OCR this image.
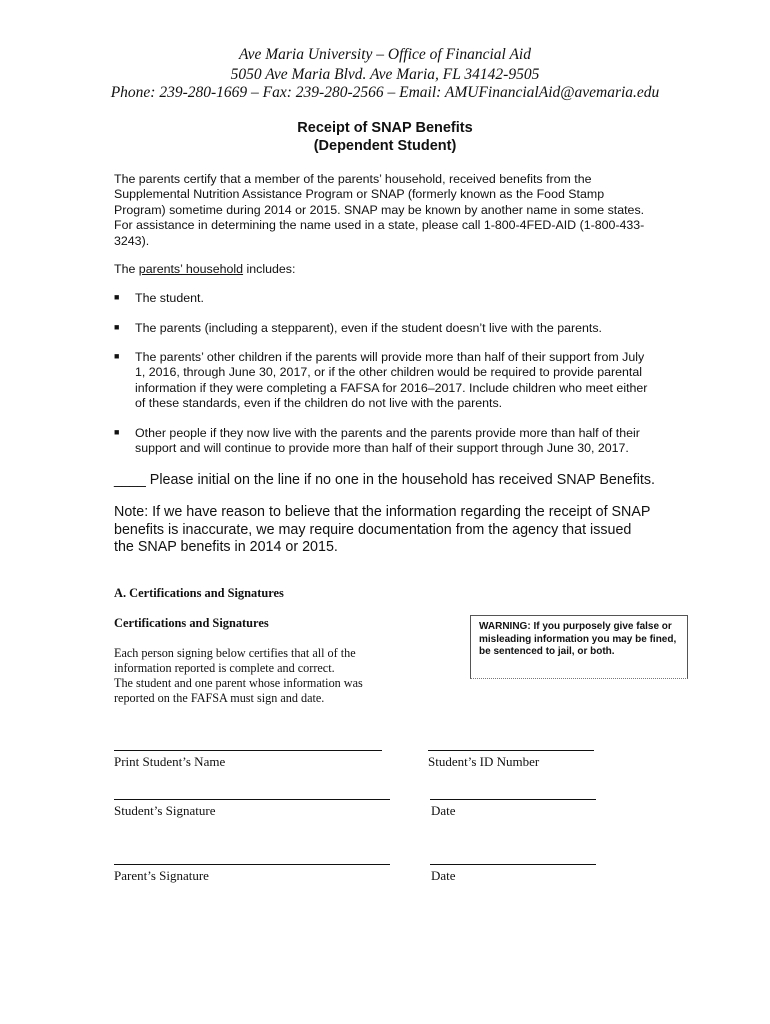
Ave Maria University – Office of Financial Aid
5050 Ave Maria Blvd. Ave Maria, FL 34142-9505
Phone: 239-280-1669 – Fax: 239-280-2566 – Email: AMUFinancialAid@avemaria.edu
Receipt of SNAP Benefits
(Dependent Student)
The parents certify that a member of the parents’ household, received benefits from the Supplemental Nutrition Assistance Program or SNAP (formerly known as the Food Stamp Program) sometime during 2014 or 2015. SNAP may be known by another name in some states. For assistance in determining the name used in a state, please call 1-800-4FED-AID (1-800-433-3243).
The parents’ household includes:
■ The student.
■ The parents (including a stepparent), even if the student doesn’t live with the parents.
■ The parents’ other children if the parents will provide more than half of their support from July 1, 2016, through June 30, 2017, or if the other children would be required to provide parental information if they were completing a FAFSA for 2016–2017. Include children who meet either of these standards, even if the children do not live with the parents.
■ Other people if they now live with the parents and the parents provide more than half of their support and will continue to provide more than half of their support through June 30, 2017.
____ Please initial on the line if no one in the household has received SNAP Benefits.
Note: If we have reason to believe that the information regarding the receipt of SNAP benefits is inaccurate, we may require documentation from the agency that issued the SNAP benefits in 2014 or 2015.
A. Certifications and Signatures
Certifications and Signatures
Each person signing below certifies that all of the information reported is complete and correct.
The student and one parent whose information was reported on the FAFSA must sign and date.
WARNING: If you purposely give false or misleading information you may be fined, be sentenced to jail, or both.
Print Student’s Name	Student’s ID Number
Student’s Signature	Date
Parent’s Signature	Date
